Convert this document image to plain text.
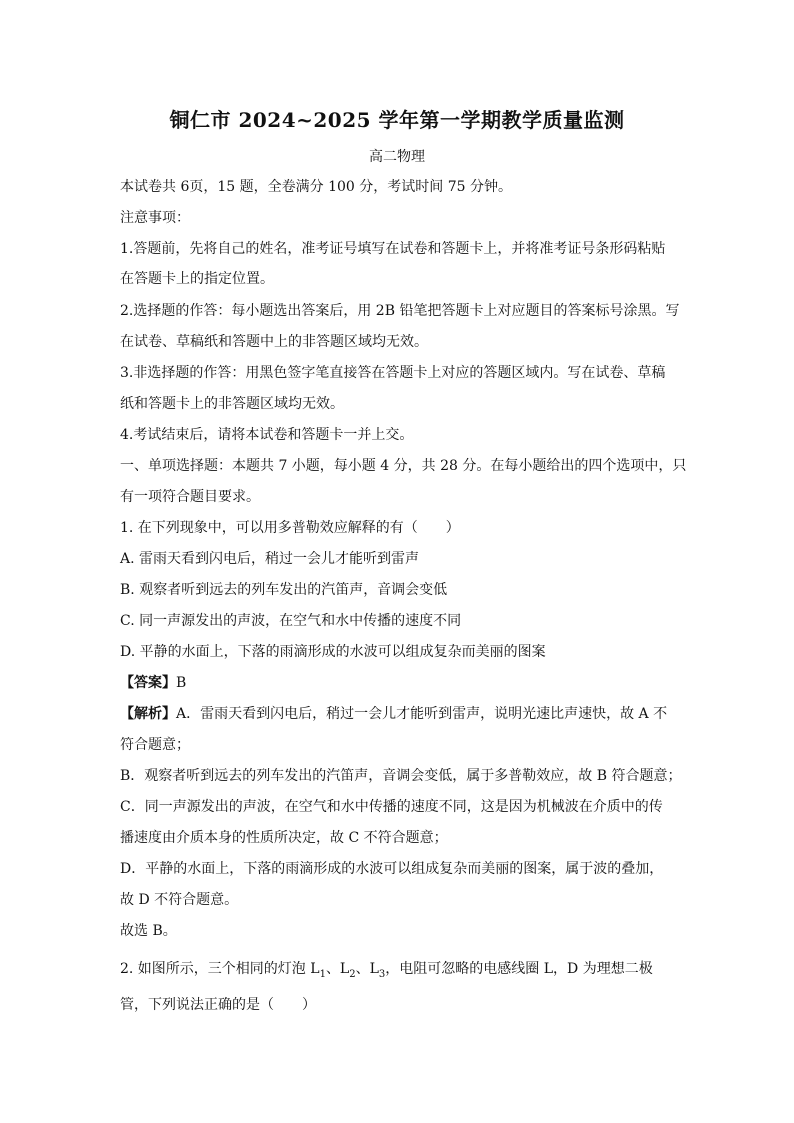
铜仁市 2024~2025 学年第一学期教学质量监测
高二物理
本试卷共 6页，15 题，全卷满分 100 分，考试时间 75 分钟。
注意事项：
1.答题前，先将自己的姓名，准考证号填写在试卷和答题卡上，并将准考证号条形码粘贴
在答题卡上的指定位置。
2.选择题的作答：每小题选出答案后，用 2B 铅笔把答题卡上对应题目的答案标号涂黑。写
在试卷、草稿纸和答题中上的非答题区域均无效。
3.非选择题的作答：用黑色签字笔直接答在答题卡上对应的答题区域内。写在试卷、草稿
纸和答题卡上的非答题区域均无效。
4.考试结束后，请将本试卷和答题卡一并上交。
一、单项选择题：本题共 7 小题，每小题 4 分，共 28 分。在每小题给出的四个选项中，只
有一项符合题目要求。
1. 在下列现象中，可以用多普勒效应解释的有（　　）
A. 雷雨天看到闪电后，稍过一会儿才能听到雷声
B. 观察者听到远去的列车发出的汽笛声，音调会变低
C. 同一声源发出的声波，在空气和水中传播的速度不同
D. 平静的水面上，下落的雨滴形成的水波可以组成复杂而美丽的图案
【答案】B
【解析】A．雷雨天看到闪电后，稍过一会儿才能听到雷声，说明光速比声速快，故 A 不
符合题意；
B．观察者听到远去的列车发出的汽笛声，音调会变低，属于多普勒效应，故 B 符合题意；
C．同一声源发出的声波，在空气和水中传播的速度不同，这是因为机械波在介质中的传
播速度由介质本身的性质所决定，故 C 不符合题意；
D．平静的水面上，下落的雨滴形成的水波可以组成复杂而美丽的图案，属于波的叠加，
故 D 不符合题意。
故选 B。
2. 如图所示，三个相同的灯泡 $L_1$、$L_2$、$L_3$，电阻可忽略的电感线圈 L，D 为理想二极
管，下列说法正确的是（　　）
